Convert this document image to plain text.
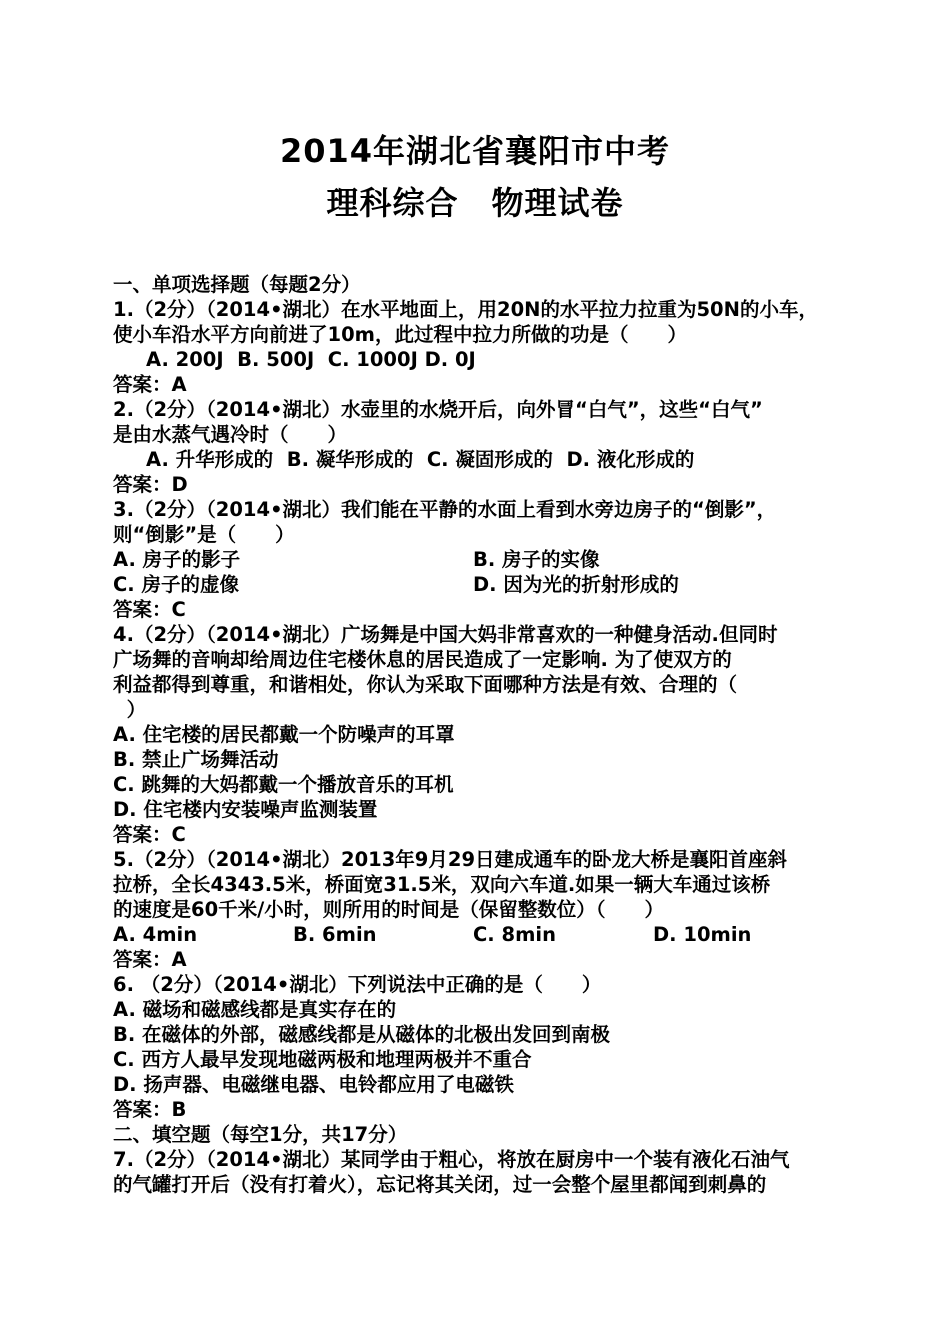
2014年湖北省襄阳市中考
理科综合　物理试卷
一、单项选择题（每题2分）
1.（2分）（2014•湖北）在水平地面上，用20N的水平拉力拉重为50N的小车，
使小车沿水平方向前进了10m，此过程中拉力所做的功是（　　）
A. 200J  B. 500J  C. 1000J D. 0J
答案：A
2.（2分）（2014•湖北）水壶里的水烧开后，向外冒“白气”，这些“白气”
是由水蒸气遇冷时（　　）
A. 升华形成的  B. 凝华形成的  C. 凝固形成的  D. 液化形成的
答案：D
3.（2分）（2014•湖北）我们能在平静的水面上看到水旁边房子的“倒影”，
则“倒影”是（　　）
A. 房子的影子	B. 房子的实像
C. 房子的虚像	D. 因为光的折射形成的
答案：C
4.（2分）（2014•湖北）广场舞是中国大妈非常喜欢的一种健身活动.但同时
广场舞的音响却给周边住宅楼休息的居民造成了一定影响. 为了使双方的
利益都得到尊重，和谐相处，你认为采取下面哪种方法是有效、合理的（
）
A. 住宅楼的居民都戴一个防噪声的耳罩
B. 禁止广场舞活动
C. 跳舞的大妈都戴一个播放音乐的耳机
D. 住宅楼内安装噪声监测装置
答案：C
5.（2分）（2014•湖北）2013年9月29日建成通车的卧龙大桥是襄阳首座斜
拉桥，全长4343.5米，桥面宽31.5米，双向六车道.如果一辆大车通过该桥
的速度是60千米/小时，则所用的时间是（保留整数位）（　　）
A. 4min	B. 6min	C. 8min	D. 10min
答案：A
6. （2分）（2014•湖北）下列说法中正确的是（　　）
A. 磁场和磁感线都是真实存在的
B. 在磁体的外部，磁感线都是从磁体的北极出发回到南极
C. 西方人最早发现地磁两极和地理两极并不重合
D. 扬声器、电磁继电器、电铃都应用了电磁铁
答案：B
二、填空题（每空1分，共17分）
7.（2分）（2014•湖北）某同学由于粗心，将放在厨房中一个装有液化石油气
的气罐打开后（没有打着火），忘记将其关闭，过一会整个屋里都闻到刺鼻的
